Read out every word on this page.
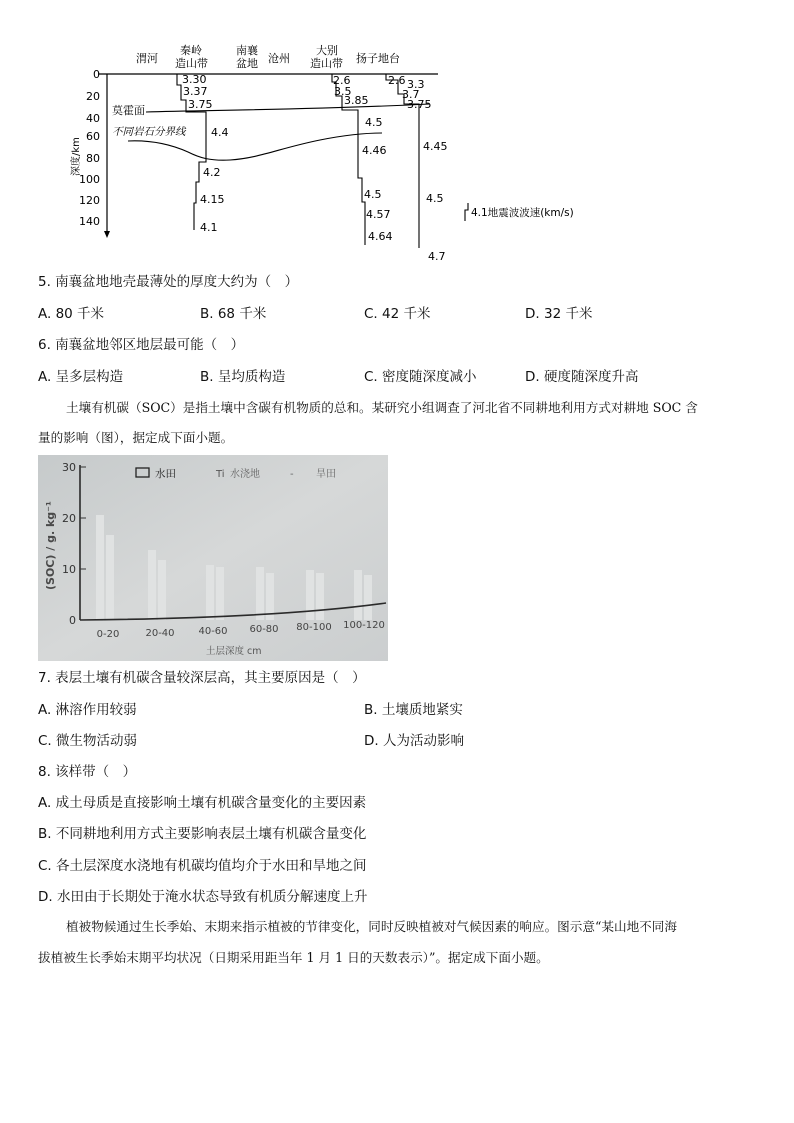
渭河
秦岭
造山带
南襄
盆地 沧州
大别
造山带 扬子地台
0
20
40
60
80
100
120
140
深度/km
莫霍面
不同岩石分界线
3.30
3.37
3.75
4.4
4.2
4.15
4.1
2.6
3.5
3.85
4.5
4.46
4.5
4.57
4.64
2.6 3.3
3.7
3.75
4.45
4.5
4.7
4.1地震波波速(km/s)
5. 南襄盆地地壳最薄处的厚度大约为（　）
A. 80 千米	B. 68 千米	C. 42 千米	D. 32 千米
6. 南襄盆地邻区地层最可能（　）
A. 呈多层构造	B. 呈均质构造	C. 密度随深度减小	D. 硬度随深度升高
土壤有机碳（SOC）是指土壤中含碳有机物质的总和。某研究小组调查了河北省不同耕地利用方式对耕地 SOC 含
量的影响（图），据定成下面小题。
0
10
20
30
(SOC) / g. kg⁻¹
水田	Ti 水浇地	- 旱田
0-20	20-40 40-60 60-80 80-100 100-120
土层深度 cm
7. 表层土壤有机碳含量较深层高，其主要原因是（　）
A. 淋溶作用较弱	B. 土壤质地紧实
C. 微生物活动弱	D. 人为活动影响
8. 该样带（　）
A. 成土母质是直接影响土壤有机碳含量变化的主要因素
B. 不同耕地利用方式主要影响表层土壤有机碳含量变化
C. 各土层深度水浇地有机碳均值均介于水田和旱地之间
D. 水田由于长期处于淹水状态导致有机质分解速度上升
植被物候通过生长季始、末期来指示植被的节律变化，同时反映植被对气候因素的响应。图示意“某山地不同海
拔植被生长季始末期平均状况（日期采用距当年 1 月 1 日的天数表示）”。据定成下面小题。
